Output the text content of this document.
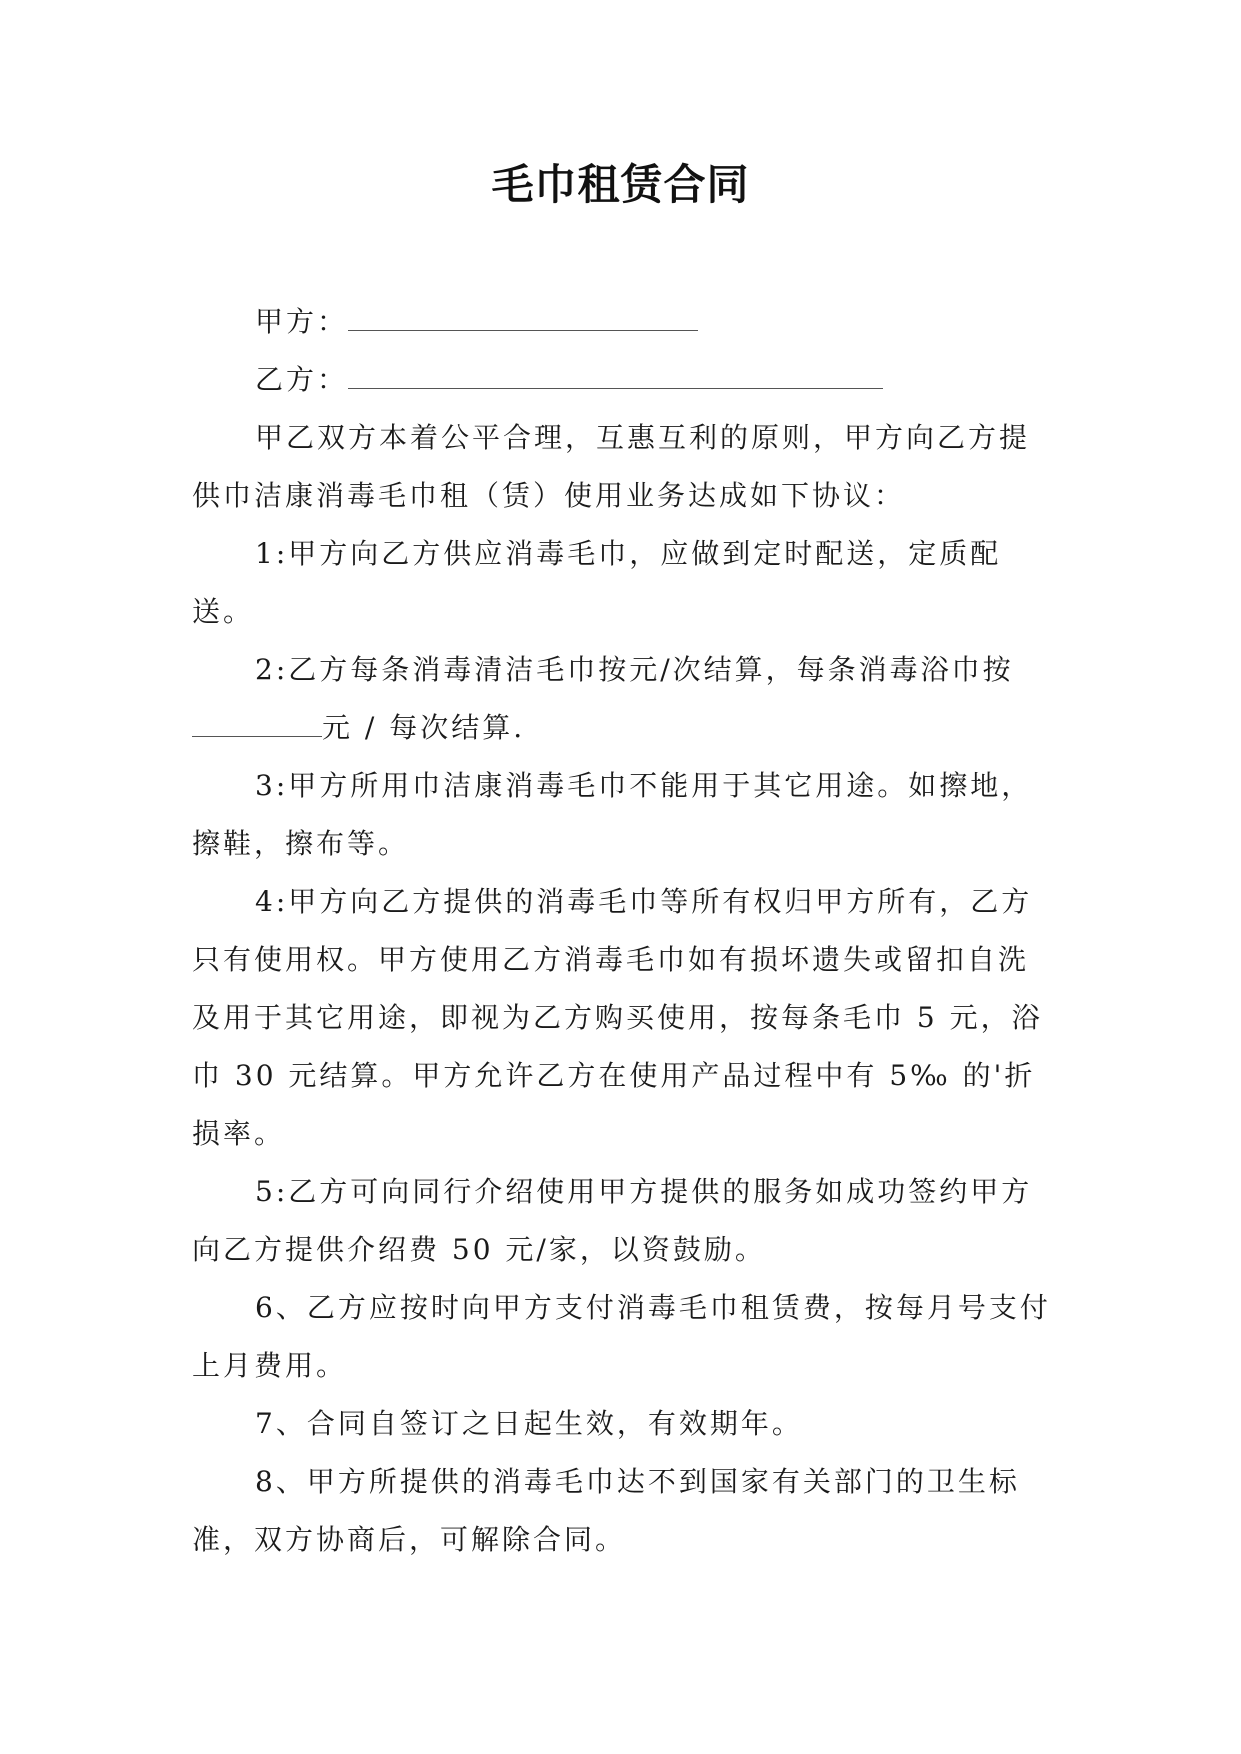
毛巾租赁合同

甲方：

乙方：

甲乙双方本着公平合理，互惠互利的原则，甲方向乙方提供巾洁康消毒毛巾租（赁）使用业务达成如下协议：

1:甲方向乙方供应消毒毛巾，应做到定时配送，定质配送。

2:乙方每条消毒清洁毛巾按元/次结算，每条消毒浴巾按元 / 每次结算.

3:甲方所用巾洁康消毒毛巾不能用于其它用途。如擦地，擦鞋，擦布等。

4:甲方向乙方提供的消毒毛巾等所有权归甲方所有，乙方只有使用权。甲方使用乙方消毒毛巾如有损坏遗失或留扣自洗及用于其它用途，即视为乙方购买使用，按每条毛巾 5 元，浴巾 30 元结算。甲方允许乙方在使用产品过程中有 5‰ 的'折损率。

5:乙方可向同行介绍使用甲方提供的服务如成功签约甲方向乙方提供介绍费 50 元/家，以资鼓励。

6、乙方应按时向甲方支付消毒毛巾租赁费，按每月号支付上月费用。

7、合同自签订之日起生效，有效期年。

8、甲方所提供的消毒毛巾达不到国家有关部门的卫生标准，双方协商后，可解除合同。
